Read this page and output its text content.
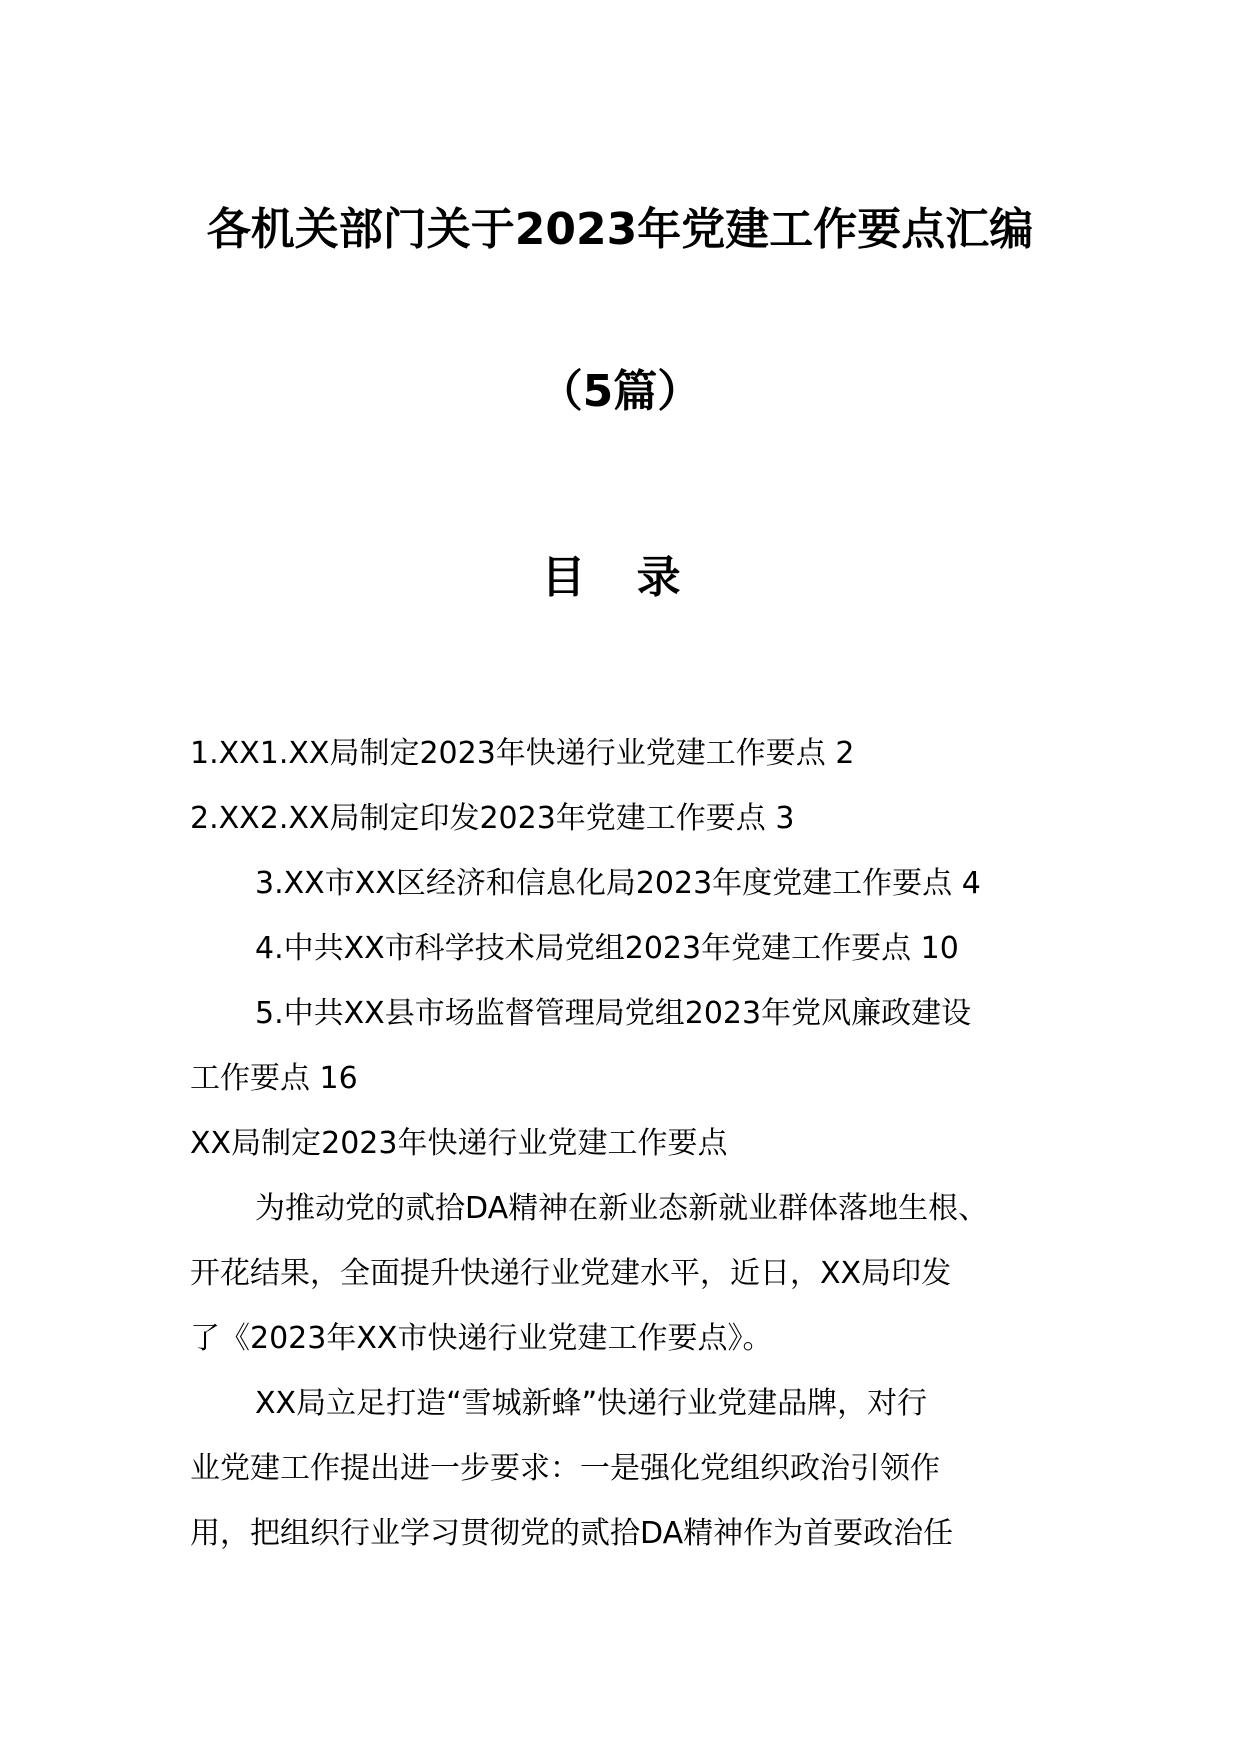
各机关部门关于2023年党建工作要点汇编
（5篇）
目 录
1.XX1.XX局制定2023年快递行业党建工作要点 2
2.XX2.XX局制定印发2023年党建工作要点 3
3.XX市XX区经济和信息化局2023年度党建工作要点 4
4.中共XX市科学技术局党组2023年党建工作要点 10
5.中共XX县市场监督管理局党组2023年党风廉政建设
工作要点 16
XX局制定2023年快递行业党建工作要点
为推动党的贰拾DA精神在新业态新就业群体落地生根、
开花结果，全面提升快递行业党建水平，近日，XX局印发
了《2023年XX市快递行业党建工作要点》。
XX局立足打造“雪城新蜂”快递行业党建品牌，对行
业党建工作提出进一步要求：一是强化党组织政治引领作
用，把组织行业学习贯彻党的贰拾DA精神作为首要政治任
